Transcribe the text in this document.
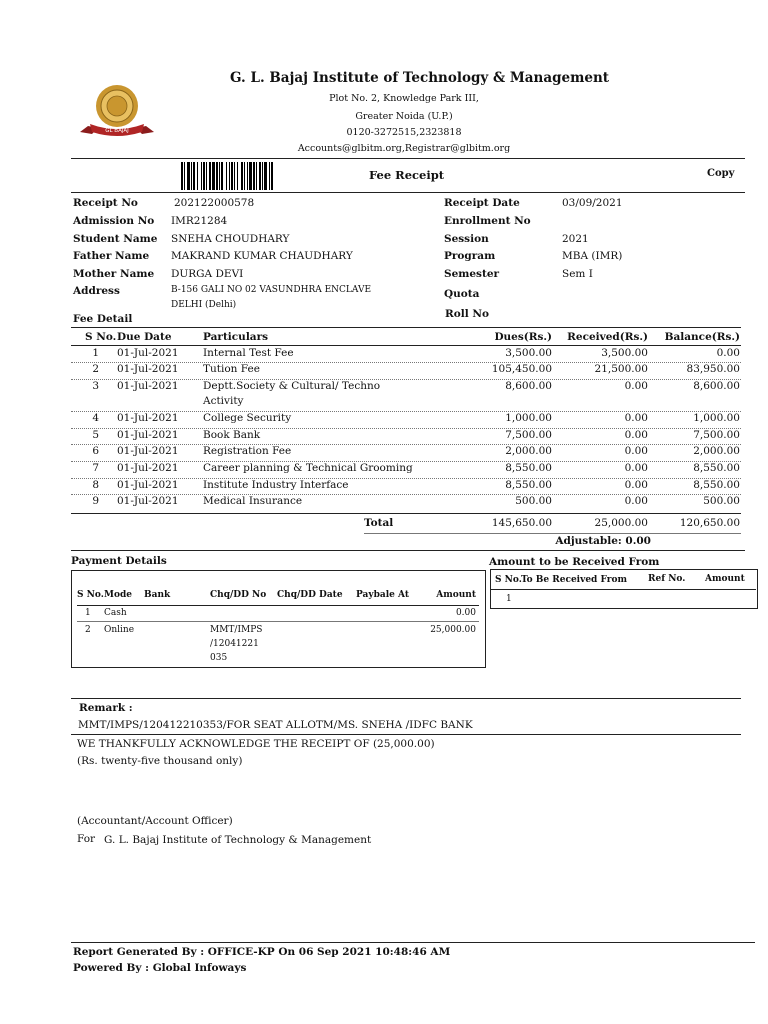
GL BAJAJ
G. L. Bajaj Institute of Technology & Management
Plot No. 2, Knowledge Park III,
Greater Noida (U.P.)
0120-3272515,2323818
Accounts@glbitm.org,Registrar@glbitm.org
Fee Receipt	Copy
Receipt No	202122000578
Admission No IMR21284
Student Name SNEHA CHOUDHARY
Father Name MAKRAND KUMAR CHAUDHARY
Mother Name DURGA DEVI
Address	B-156 GALI NO 02 VASUNDHRA ENCLAVE
DELHI (Delhi)
Receipt Date	03/09/2021
Enrollment No
Session	2021
Program	MBA (IMR)
Semester	Sem I
Quota
Roll No
Fee Detail
S No. Due Date	Particulars	Dues(Rs.)	Received(Rs.)	Balance(Rs.)
1 01-Jul-2021 Internal Test Fee	3,500.00	3,500.00	0.00
2 01-Jul-2021 Tution Fee	105,450.00	21,500.00	83,950.00
3 01-Jul-2021 Deptt.Society & Cultural/ Techno	8,600.00	0.00	8,600.00
Activity
4 01-Jul-2021 College Security	1,000.00	0.00	1,000.00
5 01-Jul-2021 Book Bank	7,500.00	0.00	7,500.00
6 01-Jul-2021 Registration Fee	2,000.00	0.00	2,000.00
7 01-Jul-2021 Career planning & Technical Grooming	8,550.00	0.00	8,550.00
8 01-Jul-2021 Institute Industry Interface	8,550.00	0.00	8,550.00
9 01-Jul-2021 Medical Insurance	500.00	0.00	500.00
Total	145,650.00	25,000.00	120,650.00
Adjustable: 0.00
Payment Details
S No. Mode Bank	Chq/DD No Chq/DD Date Paybale At	Amount
1 Cash	0.00
2 Online	MMT/IMPS
/12041221
035
25,000.00
Amount to be Received From
S No. To Be Received From Ref No. Amount
1
Remark :
MMT/IMPS/120412210353/FOR SEAT ALLOTM/MS. SNEHA /IDFC BANK
WE THANKFULLY ACKNOWLEDGE THE RECEIPT OF (25,000.00)
(Rs. twenty-five thousand only)
(Accountant/Account Officer)
For G. L. Bajaj Institute of Technology & Management
Report Generated By : OFFICE-KP On 06 Sep 2021 10:48:46 AM
Powered By : Global Infoways
